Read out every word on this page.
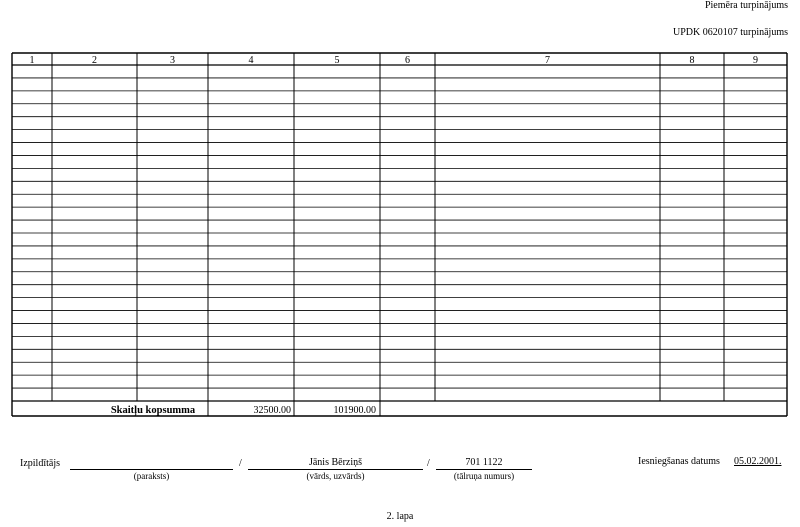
Piemēra turpinājums
UPDK 0620107 turpinājums
1	2	3	4	5	6	7	8	9
Skaitļu kopsumma	32500.00	101900.00
Izpildītājs
(paraksts)
/	Jānis Bērziņš
(vārds, uzvārds)
/	701 1122
(tālruņa numurs)
Iesniegšanas datums 05.02.2001.
2. lapa
